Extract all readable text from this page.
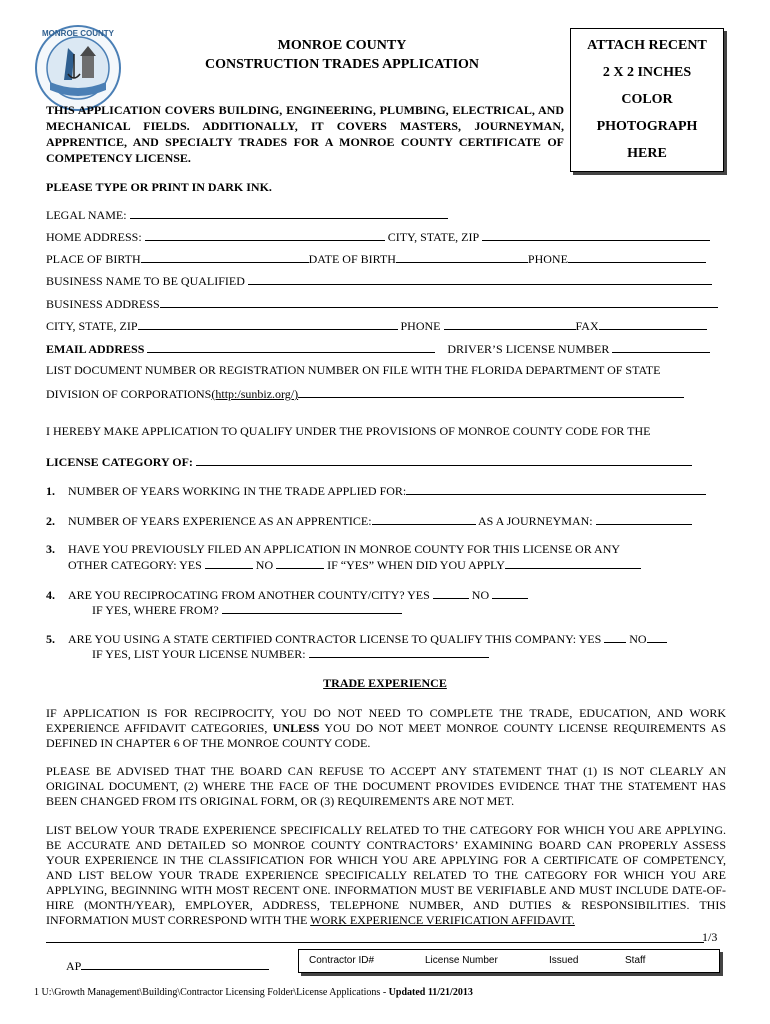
MONROE COUNTY
MONROE COUNTY
CONSTRUCTION TRADES APPLICATION
ATTACH RECENT
2 X 2 INCHES
COLOR
PHOTOGRAPH
HERE
THIS APPLICATION COVERS BUILDING, ENGINEERING, PLUMBING, ELECTRICAL, AND MECHANICAL FIELDS. ADDITIONALLY, IT COVERS MASTERS, JOURNEYMAN, APPRENTICE, AND SPECIALTY TRADES FOR A MONROE COUNTY CERTIFICATE OF COMPETENCY LICENSE.
PLEASE TYPE OR PRINT IN DARK INK.
LEGAL NAME:
HOME ADDRESS:	CITY, STATE, ZIP
PLACE OF BIRTH	DATE OF BIRTH	PHONE
BUSINESS NAME TO BE QUALIFIED
BUSINESS ADDRESS
CITY, STATE, ZIP	PHONE	FAX
EMAIL ADDRESS	DRIVER’S LICENSE NUMBER
LIST DOCUMENT NUMBER OR REGISTRATION NUMBER ON FILE WITH THE FLORIDA DEPARTMENT OF STATE
DIVISION OF CORPORATIONS(http:/sunbiz.org/)
I HEREBY MAKE APPLICATION TO QUALIFY UNDER THE PROVISIONS OF MONROE COUNTY CODE FOR THE
LICENSE CATEGORY OF:
1. NUMBER OF YEARS WORKING IN THE TRADE APPLIED FOR:
2. NUMBER OF YEARS EXPERIENCE AS AN APPRENTICE:	AS A JOURNEYMAN:
3. HAVE YOU PREVIOUSLY FILED AN APPLICATION IN MONROE COUNTY FOR THIS LICENSE OR ANY
OTHER CATEGORY: YES	NO	IF “YES” WHEN DID YOU APPLY
4. ARE YOU RECIPROCATING FROM ANOTHER COUNTY/CITY? YES	NO
IF YES, WHERE FROM?
5. ARE YOU USING A STATE CERTIFIED CONTRACTOR LICENSE TO QUALIFY THIS COMPANY: YES NO
IF YES, LIST YOUR LICENSE NUMBER:
TRADE EXPERIENCE
IF APPLICATION IS FOR RECIPROCITY, YOU DO NOT NEED TO COMPLETE THE TRADE, EDUCATION, AND WORK EXPERIENCE AFFIDAVIT CATEGORIES, UNLESS YOU DO NOT MEET MONROE COUNTY LICENSE REQUIREMENTS AS DEFINED IN CHAPTER 6 OF THE MONROE COUNTY CODE.
PLEASE BE ADVISED THAT THE BOARD CAN REFUSE TO ACCEPT ANY STATEMENT THAT (1) IS NOT CLEARLY AN ORIGINAL DOCUMENT, (2) WHERE THE FACE OF THE DOCUMENT PROVIDES EVIDENCE THAT THE STATEMENT HAS BEEN CHANGED FROM ITS ORIGINAL FORM, OR (3) REQUIREMENTS ARE NOT MET.
LIST BELOW YOUR TRADE EXPERIENCE SPECIFICALLY RELATED TO THE CATEGORY FOR WHICH YOU ARE APPLYING. BE ACCURATE AND DETAILED SO MONROE COUNTY CONTRACTORS’ EXAMINING BOARD CAN PROPERLY ASSESS YOUR EXPERIENCE IN THE CLASSIFICATION FOR WHICH YOU ARE APPLYING FOR A CERTIFICATE OF COMPETENCY, AND LIST BELOW YOUR TRADE EXPERIENCE SPECIFICALLY RELATED TO THE CATEGORY FOR WHICH YOU ARE APPLYING, BEGINNING WITH MOST RECENT ONE. INFORMATION MUST BE VERIFIABLE AND MUST INCLUDE DATE-OF-HIRE (MONTH/YEAR), EMPLOYER, ADDRESS, TELEPHONE NUMBER, AND DUTIES & RESPONSIBILITIES. THIS INFORMATION MUST CORRESPOND WITH THE WORK EXPERIENCE VERIFICATION AFFIDAVIT.
1/3
AP	Contractor ID#	License Number	Issued	Staff
1 U:\Growth Management\Building\Contractor Licensing Folder\License Applications - Updated 11/21/2013
